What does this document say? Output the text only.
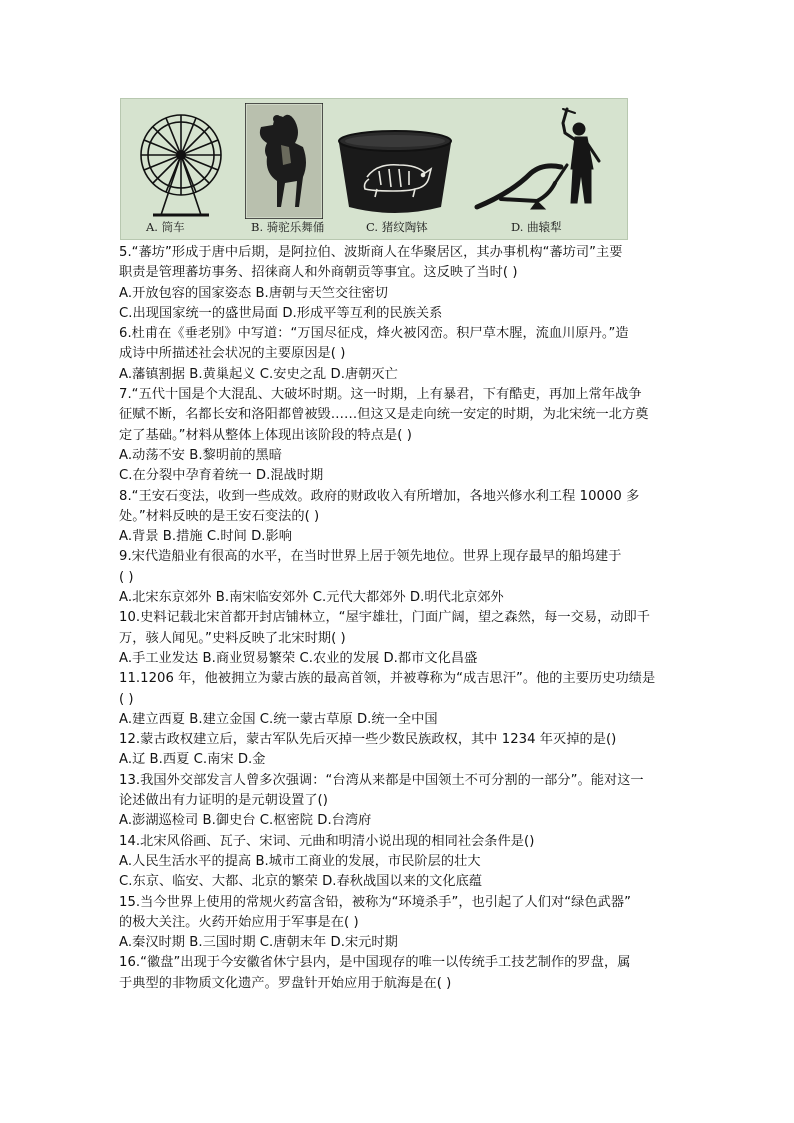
A. 筒车	B. 骑驼乐舞俑	C. 猪纹陶钵	D. 曲辕犁
5.“蕃坊”形成于唐中后期，是阿拉伯、波斯商人在华聚居区，其办事机构“蕃坊司”主要
职责是管理蕃坊事务、招徕商人和外商朝贡等事宜。这反映了当时( )
A.开放包容的国家姿态 B.唐朝与天竺交往密切
C.出现国家统一的盛世局面 D.形成平等互利的民族关系
6.杜甫在《垂老别》中写道：“万国尽征戍，烽火被冈峦。积尸草木腥，流血川原丹。”造
成诗中所描述社会状况的主要原因是( )
A.藩镇割据 B.黄巢起义 C.安史之乱 D.唐朝灭亡
7.“五代十国是个大混乱、大破坏时期。这一时期，上有暴君，下有酷吏，再加上常年战争
征赋不断，名都长安和洛阳都曾被毁……但这又是走向统一安定的时期，为北宋统一北方奠
定了基础。”材料从整体上体现出该阶段的特点是( )
A.动荡不安 B.黎明前的黑暗
C.在分裂中孕育着统一 D.混战时期
8.“王安石变法，收到一些成效。政府的财政收入有所增加，各地兴修水利工程 10000 多
处。”材料反映的是王安石变法的( )
A.背景 B.措施 C.时间 D.影响
9.宋代造船业有很高的水平，在当时世界上居于领先地位。世界上现存最早的船坞建于
( )
A.北宋东京郊外 B.南宋临安郊外 C.元代大都郊外 D.明代北京郊外
10.史料记载北宋首都开封店铺林立，“屋宇雄壮，门面广阔，望之森然，每一交易，动即千
万，骇人闻见。”史料反映了北宋时期( )
A.手工业发达 B.商业贸易繁荣 C.农业的发展 D.都市文化昌盛
11.1206 年，他被拥立为蒙古族的最高首领，并被尊称为“成吉思汗”。他的主要历史功绩是
( )
A.建立西夏 B.建立金国 C.统一蒙古草原 D.统一全中国
12.蒙古政权建立后，蒙古军队先后灭掉一些少数民族政权，其中 1234 年灭掉的是()
A.辽 B.西夏 C.南宋 D.金
13.我国外交部发言人曾多次强调：“台湾从来都是中国领土不可分割的一部分”。能对这一
论述做出有力证明的是元朝设置了()
A.澎湖巡检司 B.御史台 C.枢密院 D.台湾府
14.北宋风俗画、瓦子、宋词、元曲和明清小说出现的相同社会条件是()
A.人民生活水平的提高 B.城市工商业的发展，市民阶层的壮大
C.东京、临安、大都、北京的繁荣 D.春秋战国以来的文化底蕴
15.当今世界上使用的常规火药富含铅，被称为“环境杀手”，也引起了人们对“绿色武器”
的极大关注。火药开始应用于军事是在( )
A.秦汉时期 B.三国时期 C.唐朝末年 D.宋元时期
16.“徽盘”出现于今安徽省休宁县内，是中国现存的唯一以传统手工技艺制作的罗盘，属
于典型的非物质文化遗产。罗盘针开始应用于航海是在( )
